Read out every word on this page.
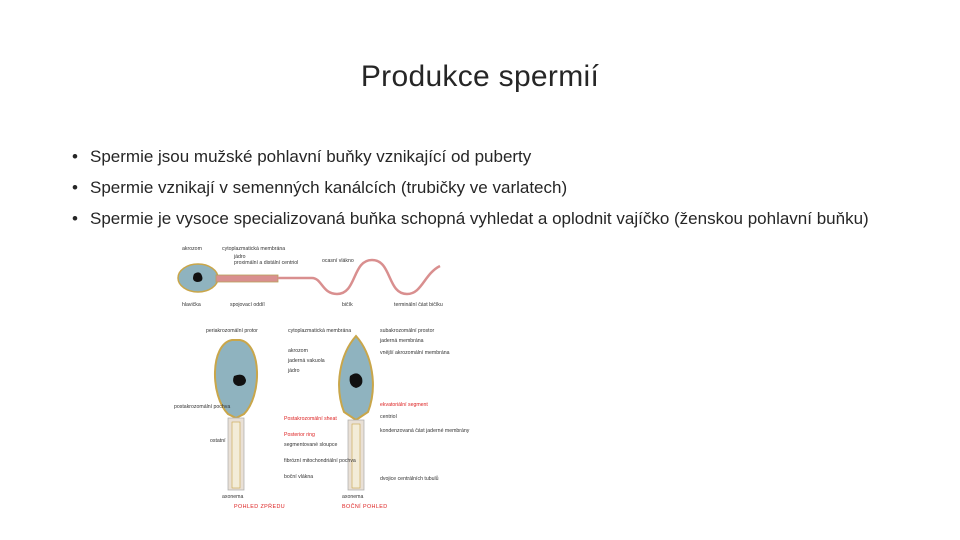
Produkce spermií
• Spermie jsou mužské pohlavní buňky vznikající od puberty
• Spermie vznikají v semenných kanálcích (trubičky ve varlatech)
• Spermie je vysoce specializovaná buňka schopná vyhledat a oplodnit vajíčko (ženskou pohlavní buňku)
akrozom	cytoplazmatická membrána
jádro
proximální a distální centriol	ocasní vlákno
hlavička	spojovací oddíl	bičík	terminální část bičíku
periakrozomální protor	cytoplazmatická membrána
akrozom
jaderná vakuola
jádro
postakrozomální pochva
Postakrozomální sheat
ostatní
Posterior ring
segmentované sloupce
fibrózní mitochondriální pochva
boční vlákna
axonema
POHLED ZPŘEDU
subakrozomální prostor
jaderná membrána
vnější akrozomální membrána
ekvatoriální segment
centriol
kondenzovaná část jaderné membrány
dvojice centrálních tubulů
axonema
BOČNÍ POHLED
